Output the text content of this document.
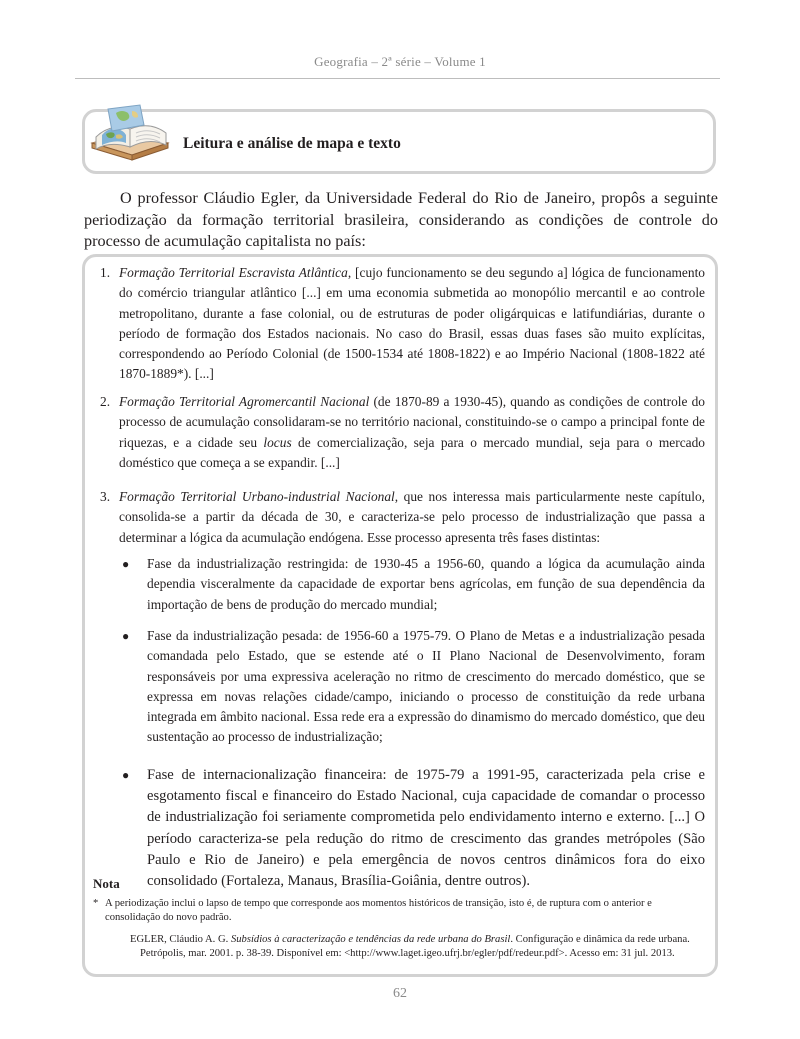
Geografia – 2ª série – Volume 1
Leitura e análise de mapa e texto

O professor Cláudio Egler, da Universidade Federal do Rio de Janeiro, propôs a seguinte periodização da formação territorial brasileira, considerando as condições de controle do processo de acumulação capitalista no país:

1. Formação Territorial Escravista Atlântica, [cujo funcionamento se deu segundo a] lógica de funcionamento do comércio triangular atlântico [...] em uma economia submetida ao monopólio mercantil e ao controle metropolitano, durante a fase colonial, ou de estruturas de poder oligárquicas e latifundiárias, durante o período de formação dos Estados nacionais. No caso do Brasil, essas duas fases são muito explícitas, correspondendo ao Período Colonial (de 1500-1534 até 1808-1822) e ao Império Nacional (1808-1822 até 1870-1889*). [...]
2. Formação Territorial Agromercantil Nacional (de 1870-89 a 1930-45), quando as condições de controle do processo de acumulação consolidaram-se no território nacional, constituindo-se o campo a principal fonte de riquezas, e a cidade seu locus de comercialização, seja para o mercado mundial, seja para o mercado doméstico que começa a se expandir. [...]
3. Formação Territorial Urbano-industrial Nacional, que nos interessa mais particularmente neste capítulo, consolida-se a partir da década de 30, e caracteriza-se pelo processo de industrialização que passa a determinar a lógica da acumulação endógena. Esse processo apresenta três fases distintas:
● Fase da industrialização restringida: de 1930-45 a 1956-60, quando a lógica da acumulação ainda dependia visceralmente da capacidade de exportar bens agrícolas, em função de sua dependência da importação de bens de produção do mercado mundial;
● Fase da industrialização pesada: de 1956-60 a 1975-79. O Plano de Metas e a industrialização pesada comandada pelo Estado, que se estende até o II Plano Nacional de Desenvolvimento, foram responsáveis por uma expressiva aceleração no ritmo de crescimento do mercado doméstico, que se expressa em novas relações cidade/campo, iniciando o processo de constituição da rede urbana integrada em âmbito nacional. Essa rede era a expressão do dinamismo do mercado doméstico, que deu sustentação ao processo de industrialização;
● Fase de internacionalização financeira: de 1975-79 a 1991-95, caracterizada pela crise e esgotamento fiscal e financeiro do Estado Nacional, cuja capacidade de comandar o processo de industrialização foi seriamente comprometida pelo endividamento interno e externo. [...] O período caracteriza-se pela redução do ritmo de crescimento das grandes metrópoles (São Paulo e Rio de Janeiro) e pela emergência de novos centros dinâmicos fora do eixo consolidado (Fortaleza, Manaus, Brasília-Goiânia, dentre outros).
Nota
* A periodização inclui o lapso de tempo que corresponde aos momentos históricos de transição, isto é, de ruptura com o anterior e consolidação do novo padrão.
EGLER, Cláudio A. G. Subsídios à caracterização e tendências da rede urbana do Brasil. Configuração e dinâmica da rede urbana.
Petrópolis, mar. 2001. p. 38-39. Disponível em: <http://www.laget.igeo.ufrj.br/egler/pdf/redeur.pdf>. Acesso em: 31 jul. 2013.
62
